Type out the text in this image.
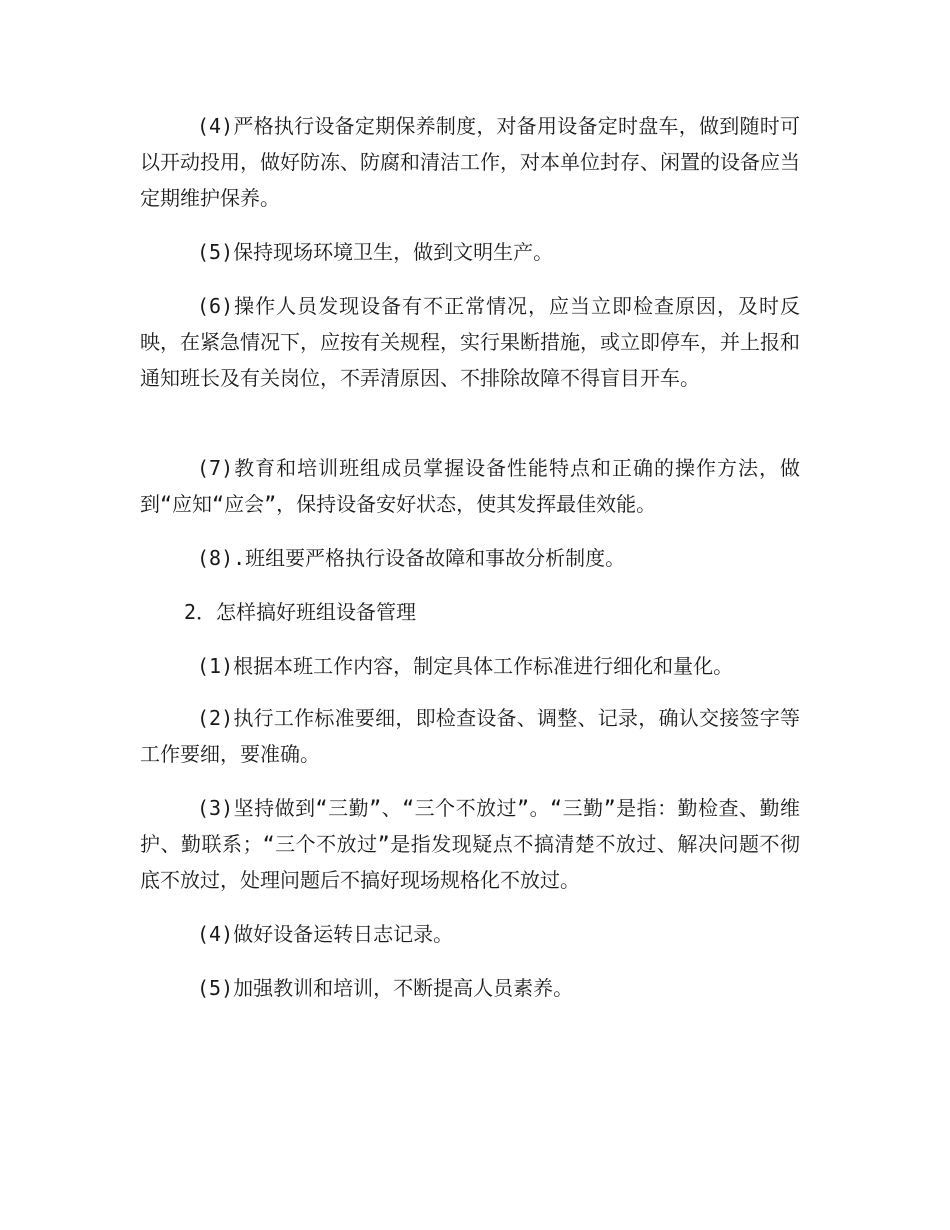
(4)严格执行设备定期保养制度，对备用设备定时盘车，做到随时可以开动投用，做好防冻、防腐和清洁工作，对本单位封存、闲置的设备应当定期维护保养。

(5)保持现场环境卫生，做到文明生产。

(6)操作人员发现设备有不正常情况，应当立即检查原因，及时反映，在紧急情况下，应按有关规程，实行果断措施，或立即停车，并上报和通知班长及有关岗位，不弄清原因、不排除故障不得盲目开车。

(7)教育和培训班组成员掌握设备性能特点和正确的操作方法，做到“应知“应会”，保持设备安好状态，使其发挥最佳效能。

(8).班组要严格执行设备故障和事故分析制度。

2．怎样搞好班组设备管理

(1)根据本班工作内容，制定具体工作标准进行细化和量化。

(2)执行工作标准要细，即检查设备、调整、记录，确认交接签字等工作要细，要准确。

(3)坚持做到“三勤”、“三个不放过”。“三勤”是指：勤检查、勤维护、勤联系；“三个不放过”是指发现疑点不搞清楚不放过、解决问题不彻底不放过，处理问题后不搞好现场规格化不放过。

(4)做好设备运转日志记录。

(5)加强教训和培训，不断提高人员素养。
